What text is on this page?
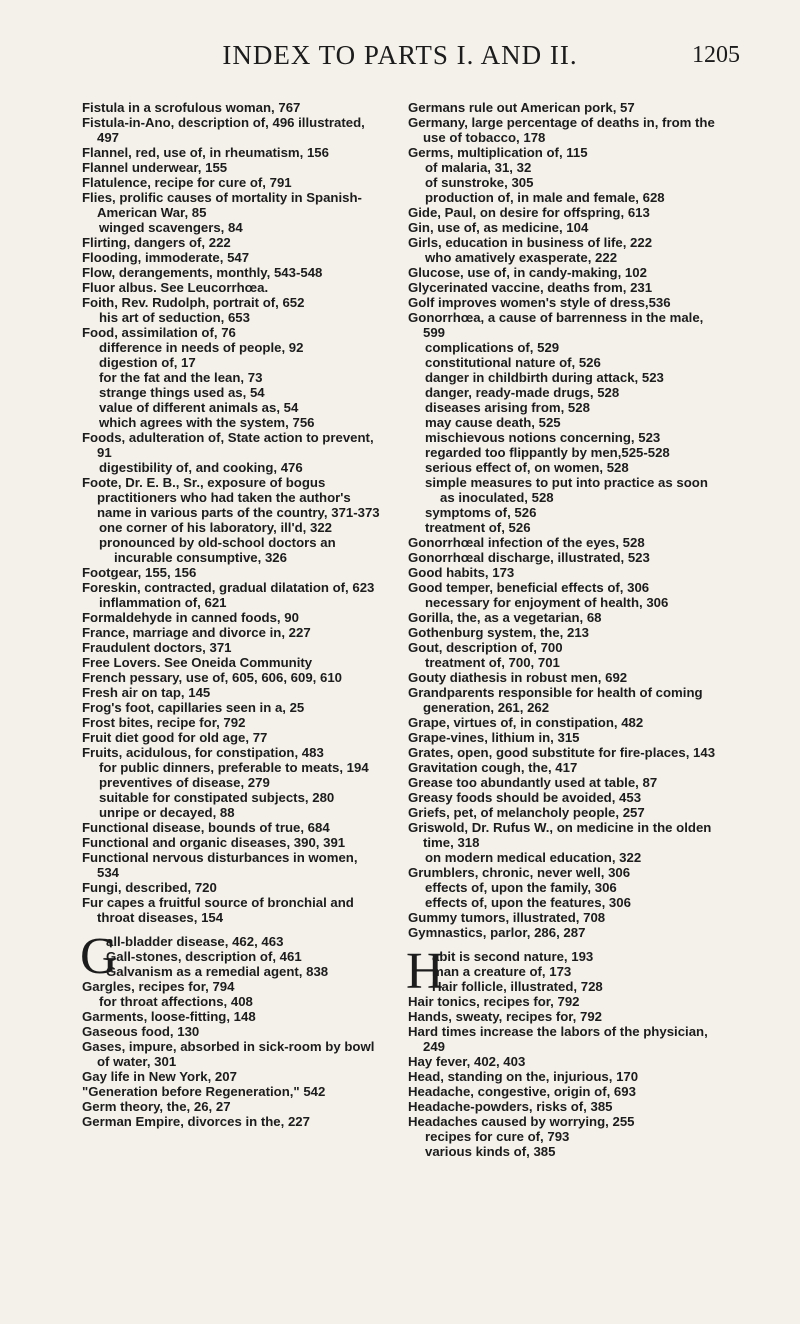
INDEX TO PARTS I. AND II.	1205
Fistula in a scrofulous woman, 767
Fistula-in-Ano, description of, 496 illustrated, 497
Flannel, red, use of, in rheumatism, 156
Flannel underwear, 155
Flatulence, recipe for cure of, 791
Flies, prolific causes of mortality in Spanish-American War, 85
winged scavengers, 84
Flirting, dangers of, 222
Flooding, immoderate, 547
Flow, derangements, monthly, 543-548
Fluor albus. See Leucorrhœa.
Foith, Rev. Rudolph, portrait of, 652
his art of seduction, 653
Food, assimilation of, 76
difference in needs of people, 92
digestion of, 17
for the fat and the lean, 73
strange things used as, 54
value of different animals as, 54
which agrees with the system, 756
Foods, adulteration of, State action to prevent, 91
digestibility of, and cooking, 476
Foote, Dr. E. B., Sr., exposure of bogus practitioners who had taken the author's name in various parts of the country, 371-373
one corner of his laboratory, ill'd, 322
pronounced by old-school doctors an incurable consumptive, 326
Footgear, 155, 156
Foreskin, contracted, gradual dilatation of, 623
inflammation of, 621
Formaldehyde in canned foods, 90
France, marriage and divorce in, 227
Fraudulent doctors, 371
Free Lovers. See Oneida Community
French pessary, use of, 605, 606, 609, 610
Fresh air on tap, 145
Frog's foot, capillaries seen in a, 25
Frost bites, recipe for, 792
Fruit diet good for old age, 77
Fruits, acidulous, for constipation, 483
for public dinners, preferable to meats, 194
preventives of disease, 279
suitable for constipated subjects, 280
unripe or decayed, 88
Functional disease, bounds of true, 684
Functional and organic diseases, 390, 391
Functional nervous disturbances in women, 534
Fungi, described, 720
Fur capes a fruitful source of bronchial and throat diseases, 154
G
all-bladder disease, 462, 463
Gall-stones, description of, 461
Galvanism as a remedial agent, 838
Gargles, recipes for, 794
for throat affections, 408
Garments, loose-fitting, 148
Gaseous food, 130
Gases, impure, absorbed in sick-room by bowl of water, 301
Gay life in New York, 207
"Generation before Regeneration," 542
Germ theory, the, 26, 27
German Empire, divorces in the, 227
Germans rule out American pork, 57
Germany, large percentage of deaths in, from the use of tobacco, 178
Germs, multiplication of, 115
of malaria, 31, 32
of sunstroke, 305
production of, in male and female, 628
Gide, Paul, on desire for offspring, 613
Gin, use of, as medicine, 104
Girls, education in business of life, 222
who amatively exasperate, 222
Glucose, use of, in candy-making, 102
Glycerinated vaccine, deaths from, 231
Golf improves women's style of dress,536
Gonorrhœa, a cause of barrenness in the male, 599
complications of, 529
constitutional nature of, 526
danger in childbirth during attack, 523
danger, ready-made drugs, 528
diseases arising from, 528
may cause death, 525
mischievous notions concerning, 523
regarded too flippantly by men,525-528
serious effect of, on women, 528
simple measures to put into practice as soon as inoculated, 528
symptoms of, 526
treatment of, 526
Gonorrhœal infection of the eyes, 528
Gonorrhœal discharge, illustrated, 523
Good habits, 173
Good temper, beneficial effects of, 306
necessary for enjoyment of health, 306
Gorilla, the, as a vegetarian, 68
Gothenburg system, the, 213
Gout, description of, 700
treatment of, 700, 701
Gouty diathesis in robust men, 692
Grandparents responsible for health of coming generation, 261, 262
Grape, virtues of, in constipation, 482
Grape-vines, lithium in, 315
Grates, open, good substitute for fire-places, 143
Gravitation cough, the, 417
Grease too abundantly used at table, 87
Greasy foods should be avoided, 453
Griefs, pet, of melancholy people, 257
Griswold, Dr. Rufus W., on medicine in the olden time, 318
on modern medical education, 322
Grumblers, chronic, never well, 306
effects of, upon the family, 306
effects of, upon the features, 306
Gummy tumors, illustrated, 708
Gymnastics, parlor, 286, 287
H
abit is second nature, 193
man a creature of, 173
Hair follicle, illustrated, 728
Hair tonics, recipes for, 792
Hands, sweaty, recipes for, 792
Hard times increase the labors of the physician, 249
Hay fever, 402, 403
Head, standing on the, injurious, 170
Headache, congestive, origin of, 693
Headache-powders, risks of, 385
Headaches caused by worrying, 255
recipes for cure of, 793
various kinds of, 385
